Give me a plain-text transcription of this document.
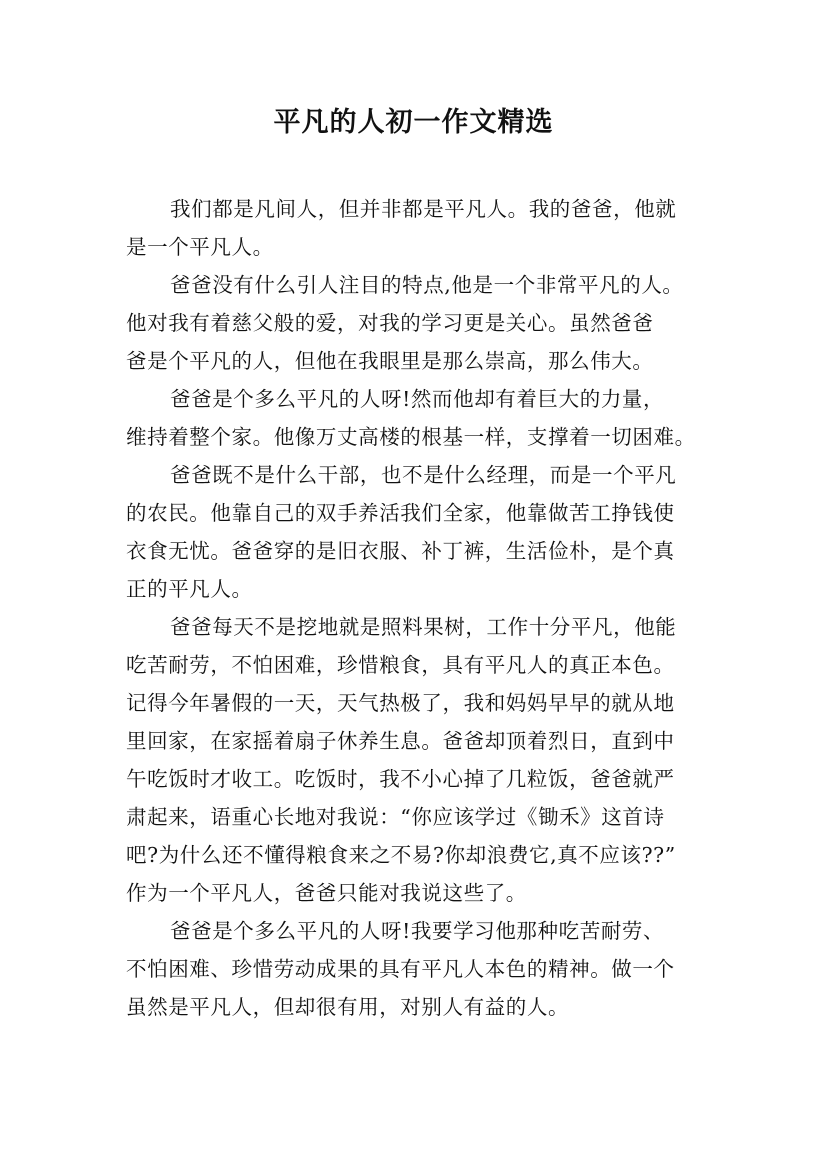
平凡的人初一作文精选
我们都是凡间人，但并非都是平凡人。我的爸爸，他就
是一个平凡人。
爸爸没有什么引人注目的特点,他是一个非常平凡的人。
他对我有着慈父般的爱，对我的学习更是关心。虽然爸爸
爸是个平凡的人，但他在我眼里是那么崇高，那么伟大。
爸爸是个多么平凡的人呀!然而他却有着巨大的力量，
维持着整个家。他像万丈高楼的根基一样，支撑着一切困难。
爸爸既不是什么干部，也不是什么经理，而是一个平凡
的农民。他靠自己的双手养活我们全家，他靠做苦工挣钱使
衣食无忧。爸爸穿的是旧衣服、补丁裤，生活俭朴，是个真
正的平凡人。
爸爸每天不是挖地就是照料果树，工作十分平凡，他能
吃苦耐劳，不怕困难，珍惜粮食，具有平凡人的真正本色。
记得今年暑假的一天，天气热极了，我和妈妈早早的就从地
里回家，在家摇着扇子休养生息。爸爸却顶着烈日，直到中
午吃饭时才收工。吃饭时，我不小心掉了几粒饭，爸爸就严
肃起来，语重心长地对我说：“你应该学过《锄禾》这首诗
吧?为什么还不懂得粮食来之不易?你却浪费它,真不应该??”
作为一个平凡人，爸爸只能对我说这些了。
爸爸是个多么平凡的人呀!我要学习他那种吃苦耐劳、
不怕困难、珍惜劳动成果的具有平凡人本色的精神。做一个
虽然是平凡人，但却很有用，对别人有益的人。
